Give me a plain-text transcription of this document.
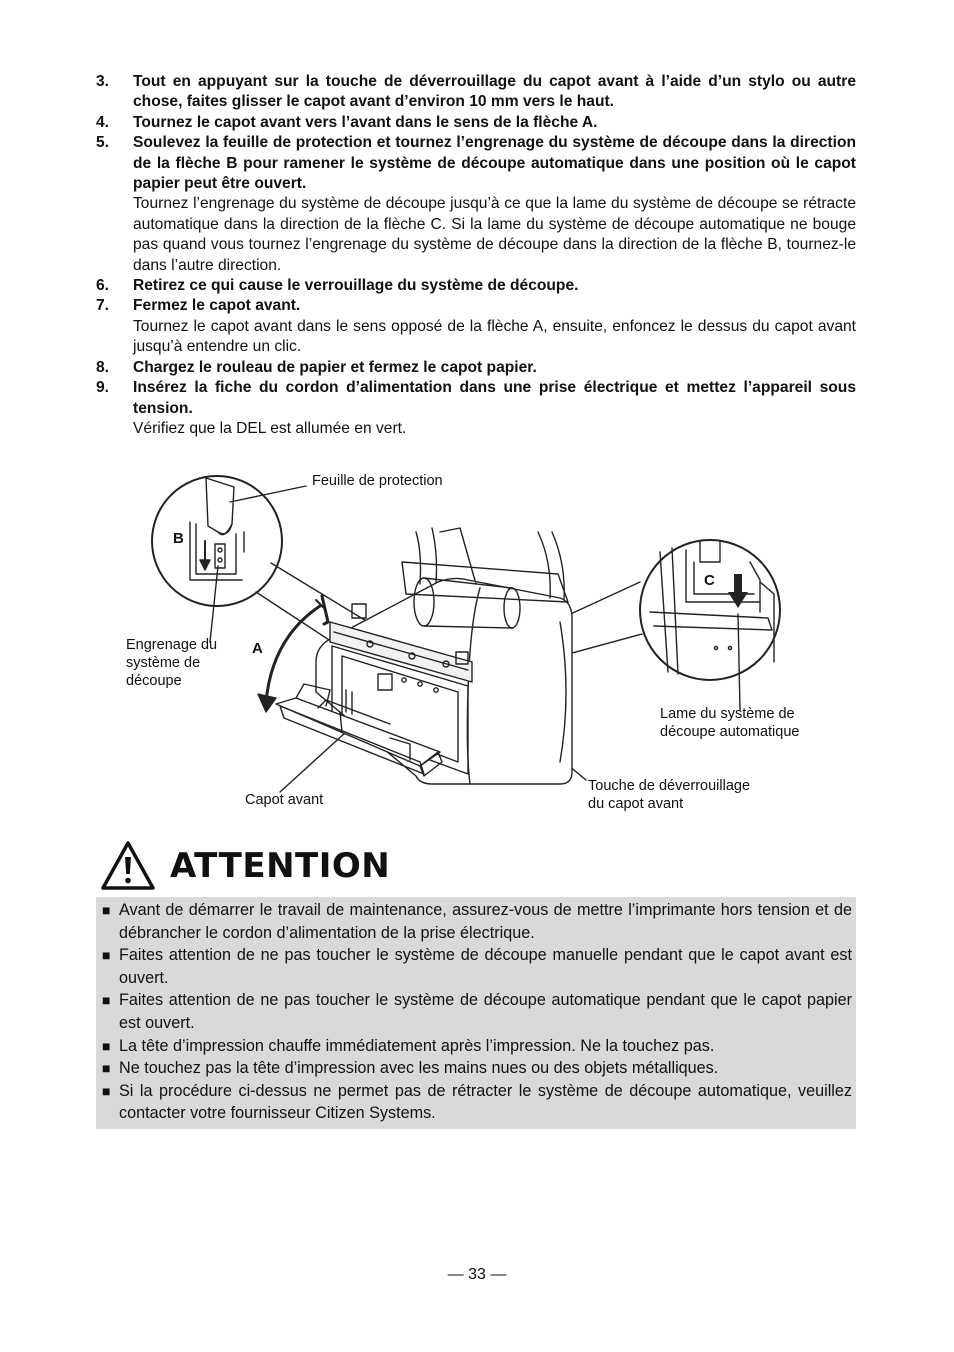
3.	Tout en appuyant sur la touche de déverrouillage du capot avant à l’aide d’un stylo ou autre chose, faites glisser le capot avant d’environ 10 mm vers le haut.
4.	Tournez le capot avant vers l’avant dans le sens de la flèche A.
5.	Soulevez la feuille de protection et tournez l’engrenage du système de découpe dans la direction de la flèche B pour ramener le système de découpe automatique dans une position où le capot papier peut être ouvert.
Tournez l’engrenage du système de découpe jusqu’à ce que la lame du système de découpe se rétracte automatique dans la direction de la flèche C. Si la lame du système de découpe automatique ne bouge pas quand vous tournez l’engrenage du système de découpe dans la direction de la flèche B, tournez-le dans l’autre direction.
6.	Retirez ce qui cause le verrouillage du système de découpe.
7.	Fermez le capot avant.
Tournez le capot avant dans le sens opposé de la flèche A, ensuite, enfoncez le dessus du capot avant jusqu’à entendre un clic.
8.	Chargez le rouleau de papier et fermez le capot papier.
9.	Insérez la fiche du cordon d’alimentation dans une prise électrique et mettez l’appareil sous tension.
Vérifiez que la DEL est allumée en vert.
Feuille de protection
Engrenage du
système de
découpe
Lame du système de
découpe automatique
Touche de déverrouillage
du capot avant
Capot avant
A
B
C
ATTENTION
■ Avant de démarrer le travail de maintenance, assurez-vous de mettre l’imprimante hors tension et de débrancher le cordon d’alimentation de la prise électrique.
■ Faites attention de ne pas toucher le système de découpe manuelle pendant que le capot avant est ouvert.
■ Faites attention de ne pas toucher le système de découpe automatique pendant que le capot papier est ouvert.
■ La tête d’impression chauffe immédiatement après l’impression. Ne la touchez pas.
■ Ne touchez pas la tête d’impression avec les mains nues ou des objets métalliques.
■ Si la procédure ci-dessus ne permet pas de rétracter le système de découpe automatique, veuillez contacter votre fournisseur Citizen Systems.
— 33 —
